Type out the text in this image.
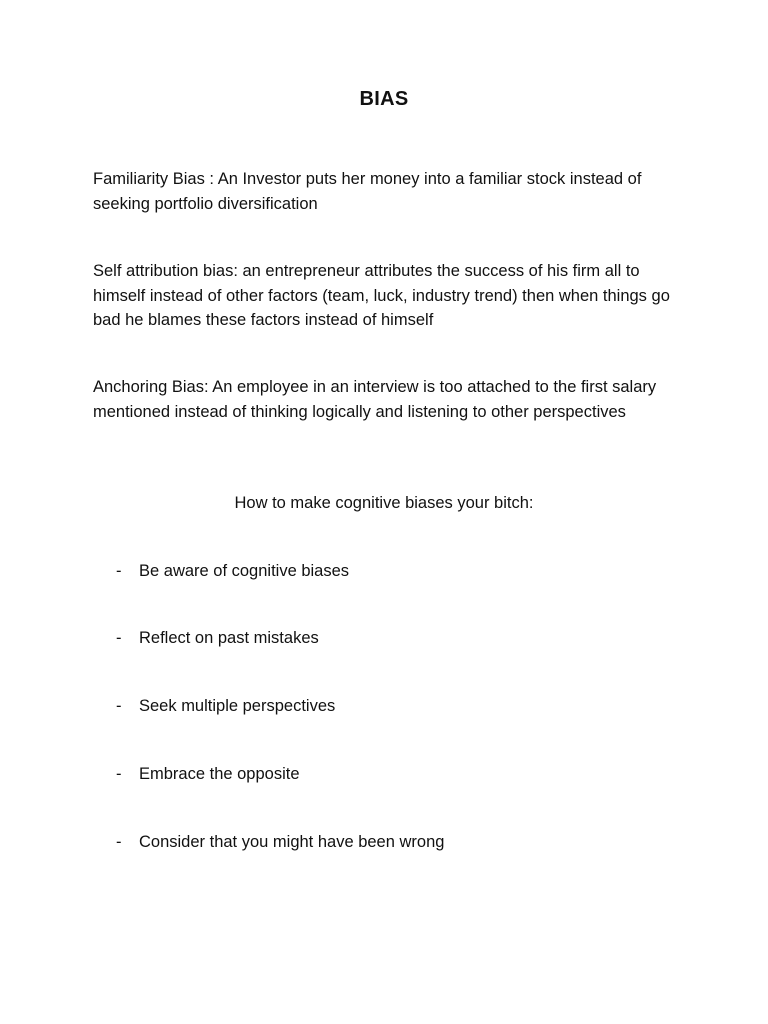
BIAS
Familiarity Bias : An Investor puts her money into a familiar stock instead of seeking portfolio diversification
Self attribution bias: an entrepreneur attributes the success of his firm all to himself instead of other factors (team, luck, industry trend) then when things go bad he blames these factors instead of himself
Anchoring Bias: An employee in an interview is too attached to the first salary mentioned instead of thinking logically and listening to other perspectives
How to make cognitive biases your bitch:
- Be aware of cognitive biases
- Reflect on past mistakes
- Seek multiple perspectives
- Embrace the opposite
- Consider that you might have been wrong
